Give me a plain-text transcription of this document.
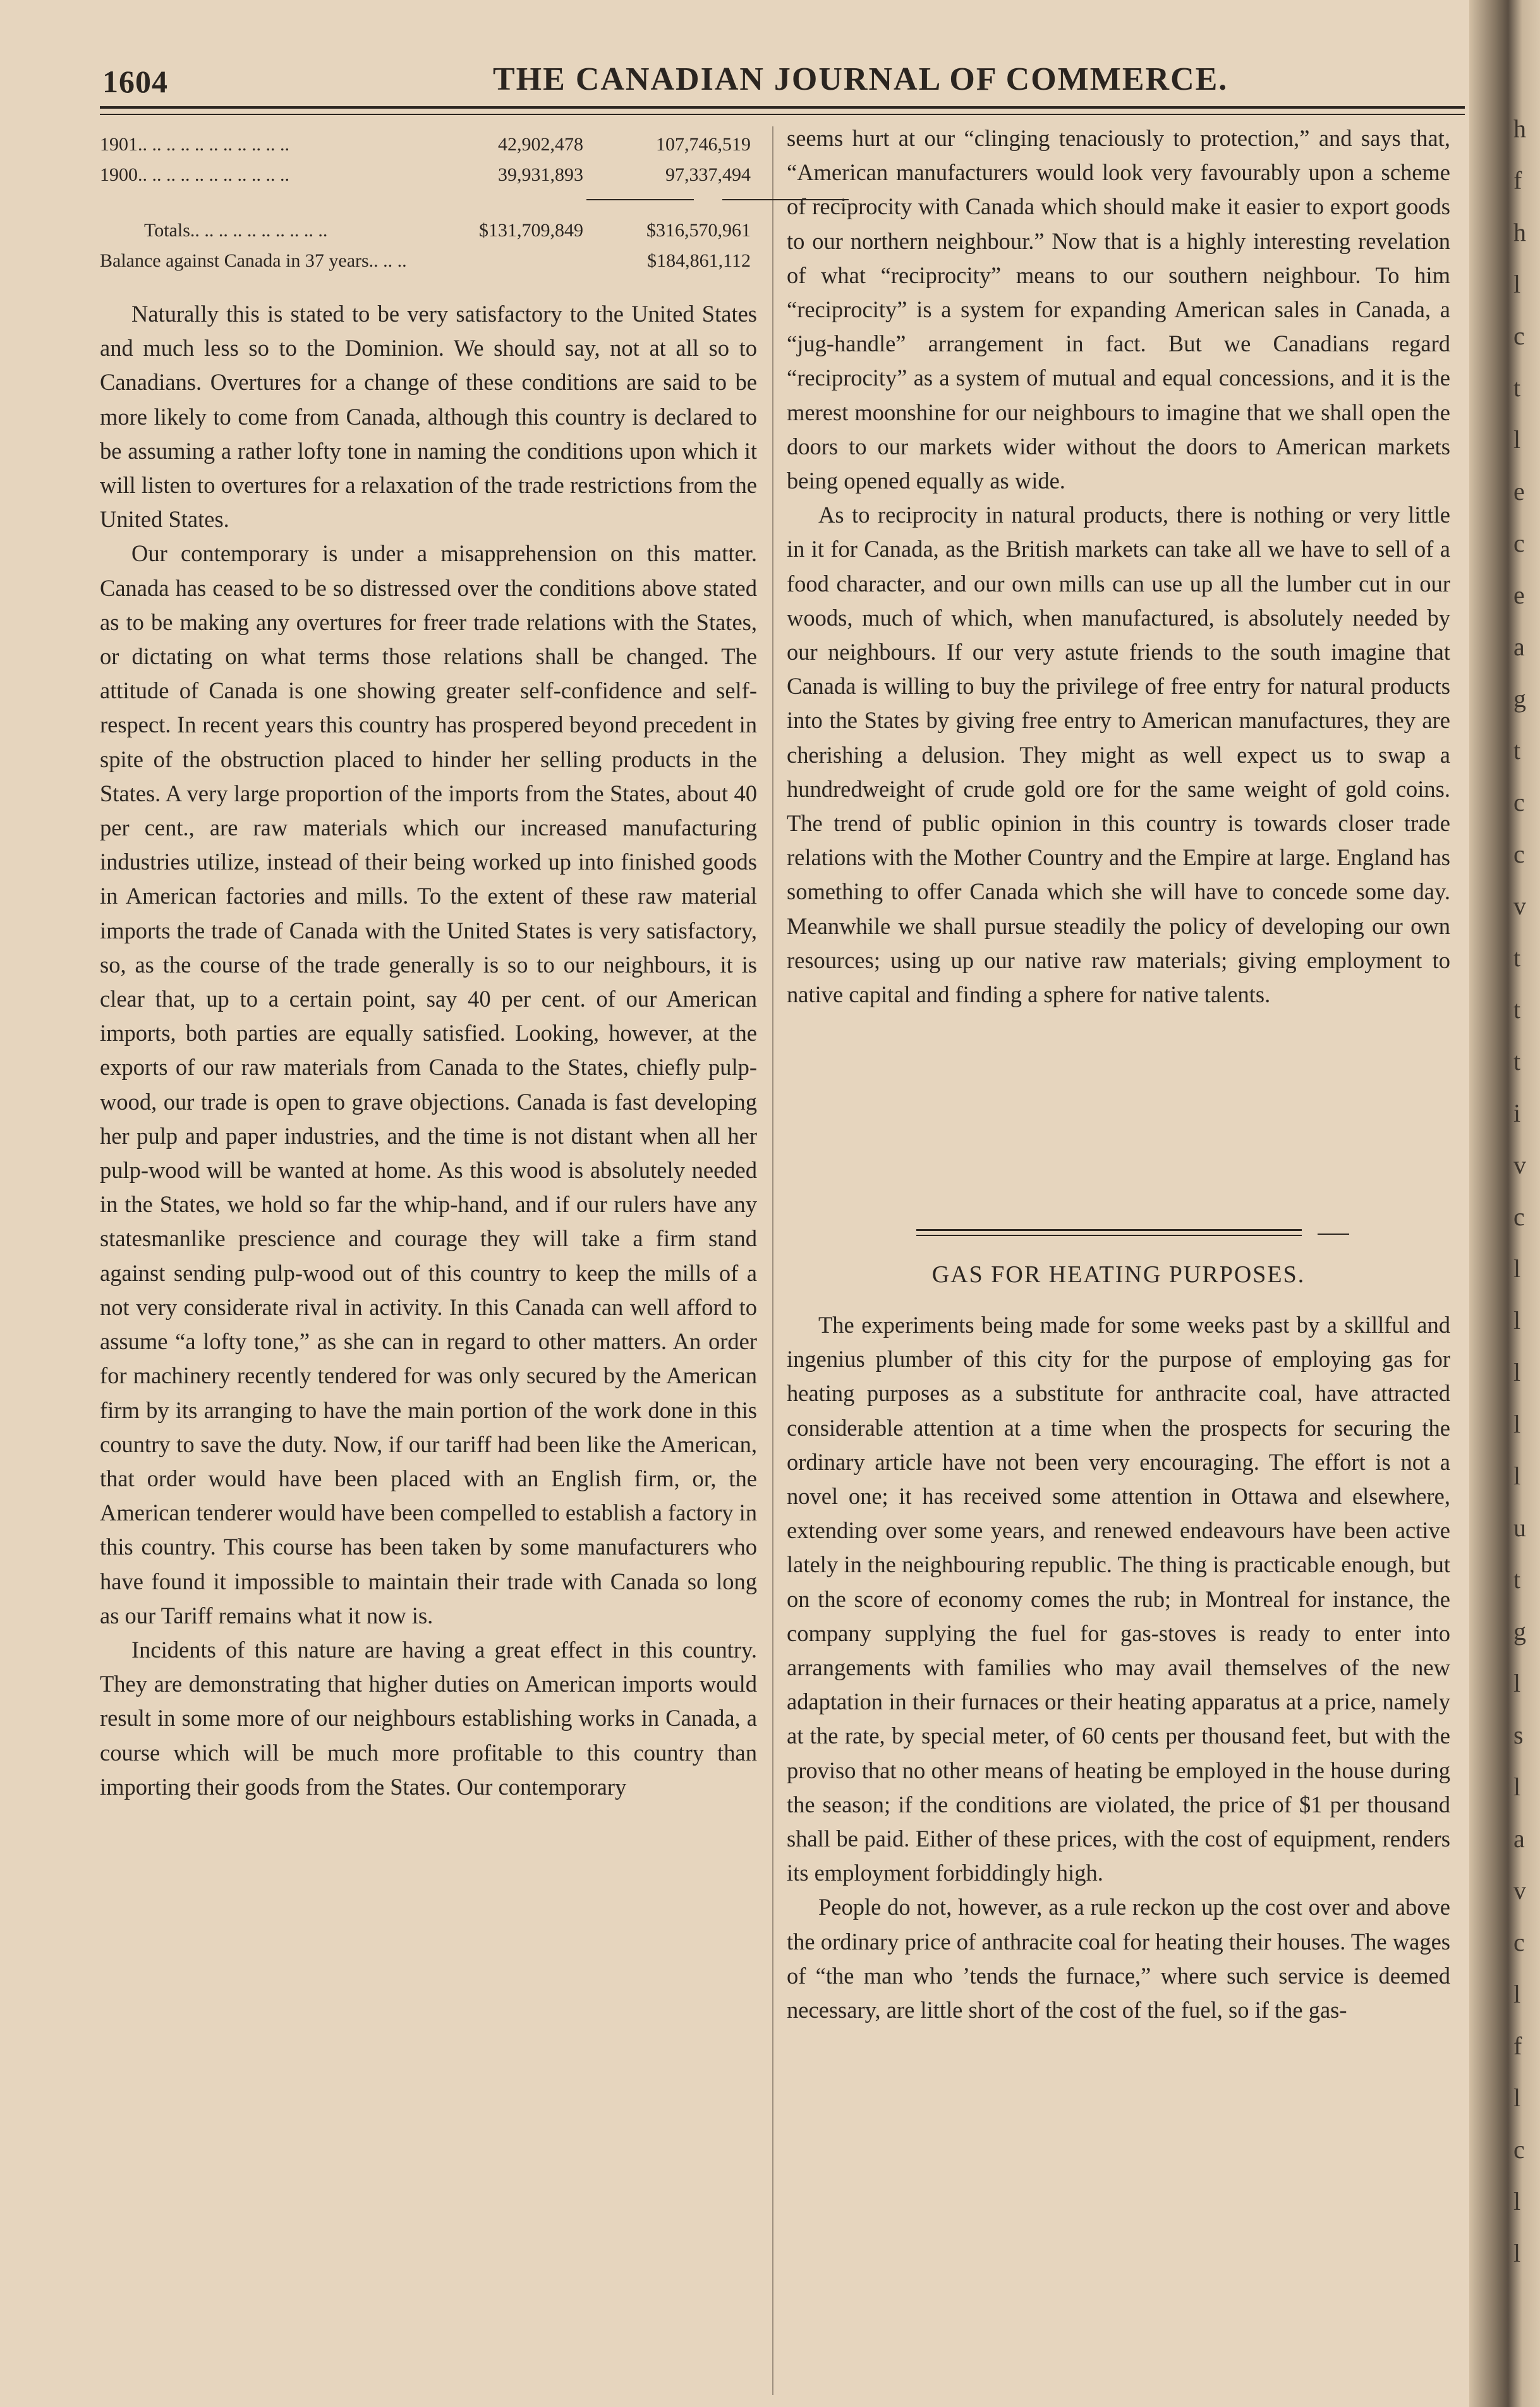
h
f
h
l
c
t
l
e
c
e
a
g
t
c
c
v
t
t
t
i
v
c
l
l
l
l
l
u
t
g
l
s
l
a
v
c
l
f
l
c
l
l
1604	THE CANADIAN JOURNAL OF COMMERCE.
1901.. .. .. .. .. .. .. .. .. .. ..	42,902,478	107,746,519
1900.. .. .. .. .. .. .. .. .. .. ..	39,931,893	97,337,494
Totals.. .. .. .. .. .. .. .. .. ..	$131,709,849	$316,570,961
Balance against Canada in 37 years.. .. ..	$184,861,112

Naturally this is stated to be very satisfactory to the United States and much less so to the Dominion. We should say, not at all so to Canadians. Overtures for a change of these conditions are said to be more likely to come from Canada, although this country is declared to be assuming a rather lofty tone in naming the conditions upon which it will listen to overtures for a relaxation of the trade restrictions from the United States.

Our contemporary is under a misapprehension on this matter. Canada has ceased to be so distressed over the conditions above stated as to be making any overtures for freer trade relations with the States, or dictating on what terms those relations shall be changed. The attitude of Canada is one showing greater self-confidence and self-respect. In recent years this country has prospered beyond precedent in spite of the obstruction placed to hinder her selling products in the States. A very large proportion of the imports from the States, about 40 per cent., are raw materials which our increased manufacturing industries utilize, instead of their being worked up into finished goods in American factories and mills. To the extent of these raw material imports the trade of Canada with the United States is very satisfactory, so, as the course of the trade generally is so to our neighbours, it is clear that, up to a certain point, say 40 per cent. of our American imports, both parties are equally satisfied. Looking, however, at the exports of our raw materials from Canada to the States, chiefly pulp-wood, our trade is open to grave objections. Canada is fast developing her pulp and paper industries, and the time is not distant when all her pulp-wood will be wanted at home. As this wood is absolutely needed in the States, we hold so far the whip-hand, and if our rulers have any statesmanlike prescience and courage they will take a firm stand against sending pulp-wood out of this country to keep the mills of a not very considerate rival in activity. In this Canada can well afford to assume “a lofty tone,” as she can in regard to other matters. An order for machinery recently tendered for was only secured by the American firm by its arranging to have the main portion of the work done in this country to save the duty. Now, if our tariff had been like the American, that order would have been placed with an English firm, or, the American tenderer would have been compelled to establish a factory in this country. This course has been taken by some manufacturers who have found it impossible to maintain their trade with Canada so long as our Tariff remains what it now is.

Incidents of this nature are having a great effect in this country. They are demonstrating that higher duties on American imports would result in some more of our neighbours establishing works in Canada, a course which will be much more profitable to this country than importing their goods from the States. Our contemporary

seems hurt at our “clinging tenaciously to protection,” and says that, “American manufacturers would look very favourably upon a scheme of reciprocity with Canada which should make it easier to export goods to our northern neighbour.” Now that is a highly interesting revelation of what “reciprocity” means to our southern neighbour. To him “reciprocity” is a system for expanding American sales in Canada, a “jug-handle” arrangement in fact. But we Canadians regard “reciprocity” as a system of mutual and equal concessions, and it is the merest moonshine for our neighbours to imagine that we shall open the doors to our markets wider without the doors to American markets being opened equally as wide.

As to reciprocity in natural products, there is nothing or very little in it for Canada, as the British markets can take all we have to sell of a food character, and our own mills can use up all the lumber cut in our woods, much of which, when manufactured, is absolutely needed by our neighbours. If our very astute friends to the south imagine that Canada is willing to buy the privilege of free entry for natural products into the States by giving free entry to American manufactures, they are cherishing a delusion. They might as well expect us to swap a hundredweight of crude gold ore for the same weight of gold coins. The trend of public opinion in this country is towards closer trade relations with the Mother Country and the Empire at large. England has something to offer Canada which she will have to concede some day. Meanwhile we shall pursue steadily the policy of developing our own resources; using up our native raw materials; giving employment to native capital and finding a sphere for native talents.

GAS FOR HEATING PURPOSES.

The experiments being made for some weeks past by a skillful and ingenius plumber of this city for the purpose of employing gas for heating purposes as a substitute for anthracite coal, have attracted considerable attention at a time when the prospects for securing the ordinary article have not been very encouraging. The effort is not a novel one; it has received some attention in Ottawa and elsewhere, extending over some years, and renewed endeavours have been active lately in the neighbouring republic. The thing is practicable enough, but on the score of economy comes the rub; in Montreal for instance, the company supplying the fuel for gas-stoves is ready to enter into arrangements with families who may avail themselves of the new adaptation in their furnaces or their heating apparatus at a price, namely at the rate, by special meter, of 60 cents per thousand feet, but with the proviso that no other means of heating be employed in the house during the season; if the conditions are violated, the price of $1 per thousand shall be paid. Either of these prices, with the cost of equipment, renders its employment forbiddingly high.

People do not, however, as a rule reckon up the cost over and above the ordinary price of anthracite coal for heating their houses. The wages of “the man who ’tends the furnace,” where such service is deemed necessary, are little short of the cost of the fuel, so if the gas-
